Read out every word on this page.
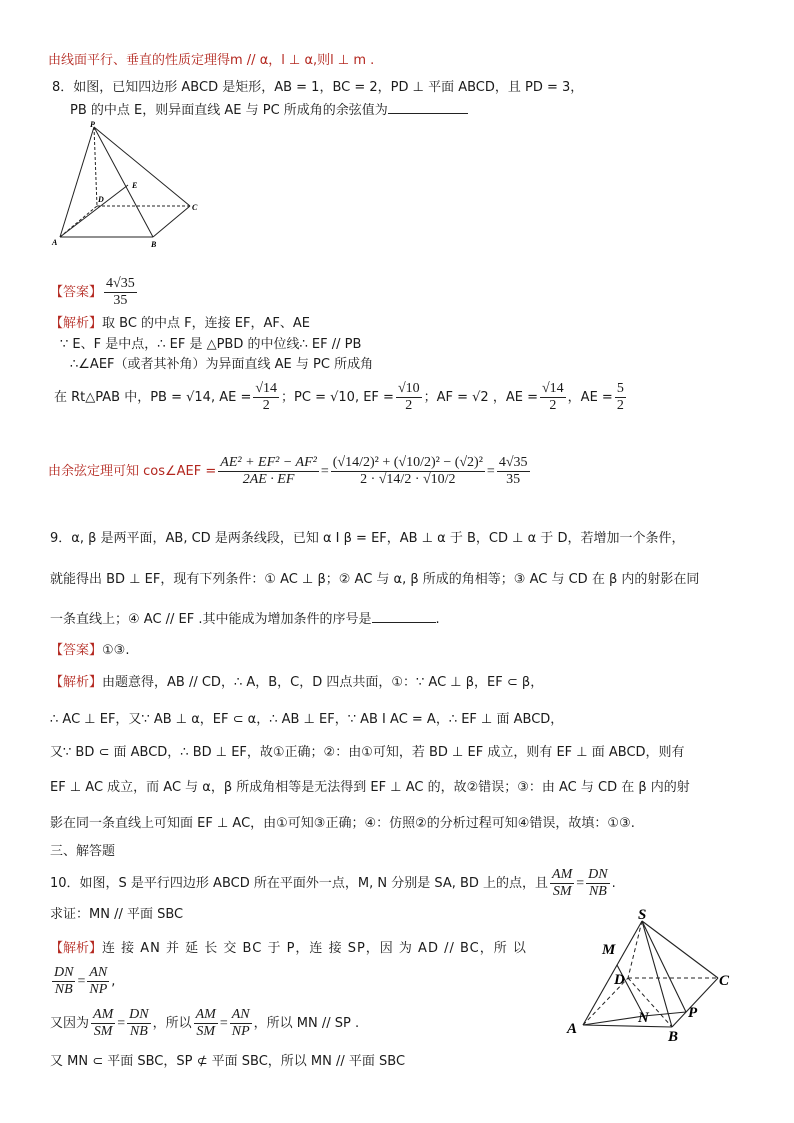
由线面平行、垂直的性质定理得m // α，l ⊥ α,则l ⊥ m .
8．如图，已知四边形 ABCD 是矩形，AB = 1，BC = 2，PD ⊥ 平面 ABCD，且 PD = 3，
PB 的中点 E，则异面直线 AE 与 PC 所成角的余弦值为
P
E
D
C
A	B
【答案】 $\frac{4√35}{35}$
【解析】取 BC 的中点 F，连接 EF，AF、AE
∵ E、F 是中点，∴ EF 是 △PBD 的中位线∴ EF // PB
∴∠AEF（或者其补角）为异面直线 AE 与 PC 所成角
在 Rt△PAB 中，PB = √14, AE = $\frac{√14}{2}$ ；PC = √10, EF = $\frac{√10}{2}$ ；AF = √2 ，AE = $\frac{√14}{2}$ ，AE = $\frac{5}{2}$
由余弦定理可知 cos∠AEF = $\frac{\text{AE² + EF² − AF²}}{2AE \cdot EF} = \frac{\text{(√14/2)² + (√10/2)² − (√2)²}}{2 \cdot √14/2 \cdot √10/2} = \frac{4√35}{35}$
9．α, β 是两平面，AB, CD 是两条线段，已知 α I β = EF，AB ⊥ α 于 B，CD ⊥ α 于 D，若增加一个条件，
就能得出 BD ⊥ EF，现有下列条件：① AC ⊥ β；② AC 与 α, β 所成的角相等；③ AC 与 CD 在 β 内的射影在同
一条直线上；④ AC // EF .其中能成为增加条件的序号是	.
【答案】①③.
【解析】由题意得，AB // CD，∴ A，B，C，D 四点共面，①：∵ AC ⊥ β，EF ⊂ β，
∴ AC ⊥ EF，又∵ AB ⊥ α，EF ⊂ α，∴ AB ⊥ EF，∵ AB I AC = A，∴ EF ⊥ 面 ABCD，
又∵ BD ⊂ 面 ABCD，∴ BD ⊥ EF，故①正确；②：由①可知，若 BD ⊥ EF 成立，则有 EF ⊥ 面 ABCD，则有
EF ⊥ AC 成立，而 AC 与 α，β 所成角相等是无法得到 EF ⊥ AC 的，故②错误；③：由 AC 与 CD 在 β 内的射
影在同一条直线上可知面 EF ⊥ AC，由①可知③正确；④：仿照②的分析过程可知④错误，故填：①③.
三、解答题
10．如图，S 是平行四边形 ABCD 所在平面外一点，M, N 分别是 SA, BD 上的点，且 $\frac{AM}{SM} = \frac{DN}{NB}$ .
求证：MN // 平面 SBC
【解析】连 接 AN 并 延 长 交 BC 于 P，连 接 SP，因 为 AD // BC，所 以
$\frac{DN}{NB} = \frac{AN}{NP}$ ,
又因为 $\frac{AM}{SM} = \frac{DN}{NB}$ ，所以 $\frac{AM}{SM} = \frac{AN}{NP}$ ，所以 MN // SP .
又 MN ⊂ 平面 SBC，SP ⊄ 平面 SBC，所以 MN // 平面 SBC
S
M
D	C
N	P
A	B
